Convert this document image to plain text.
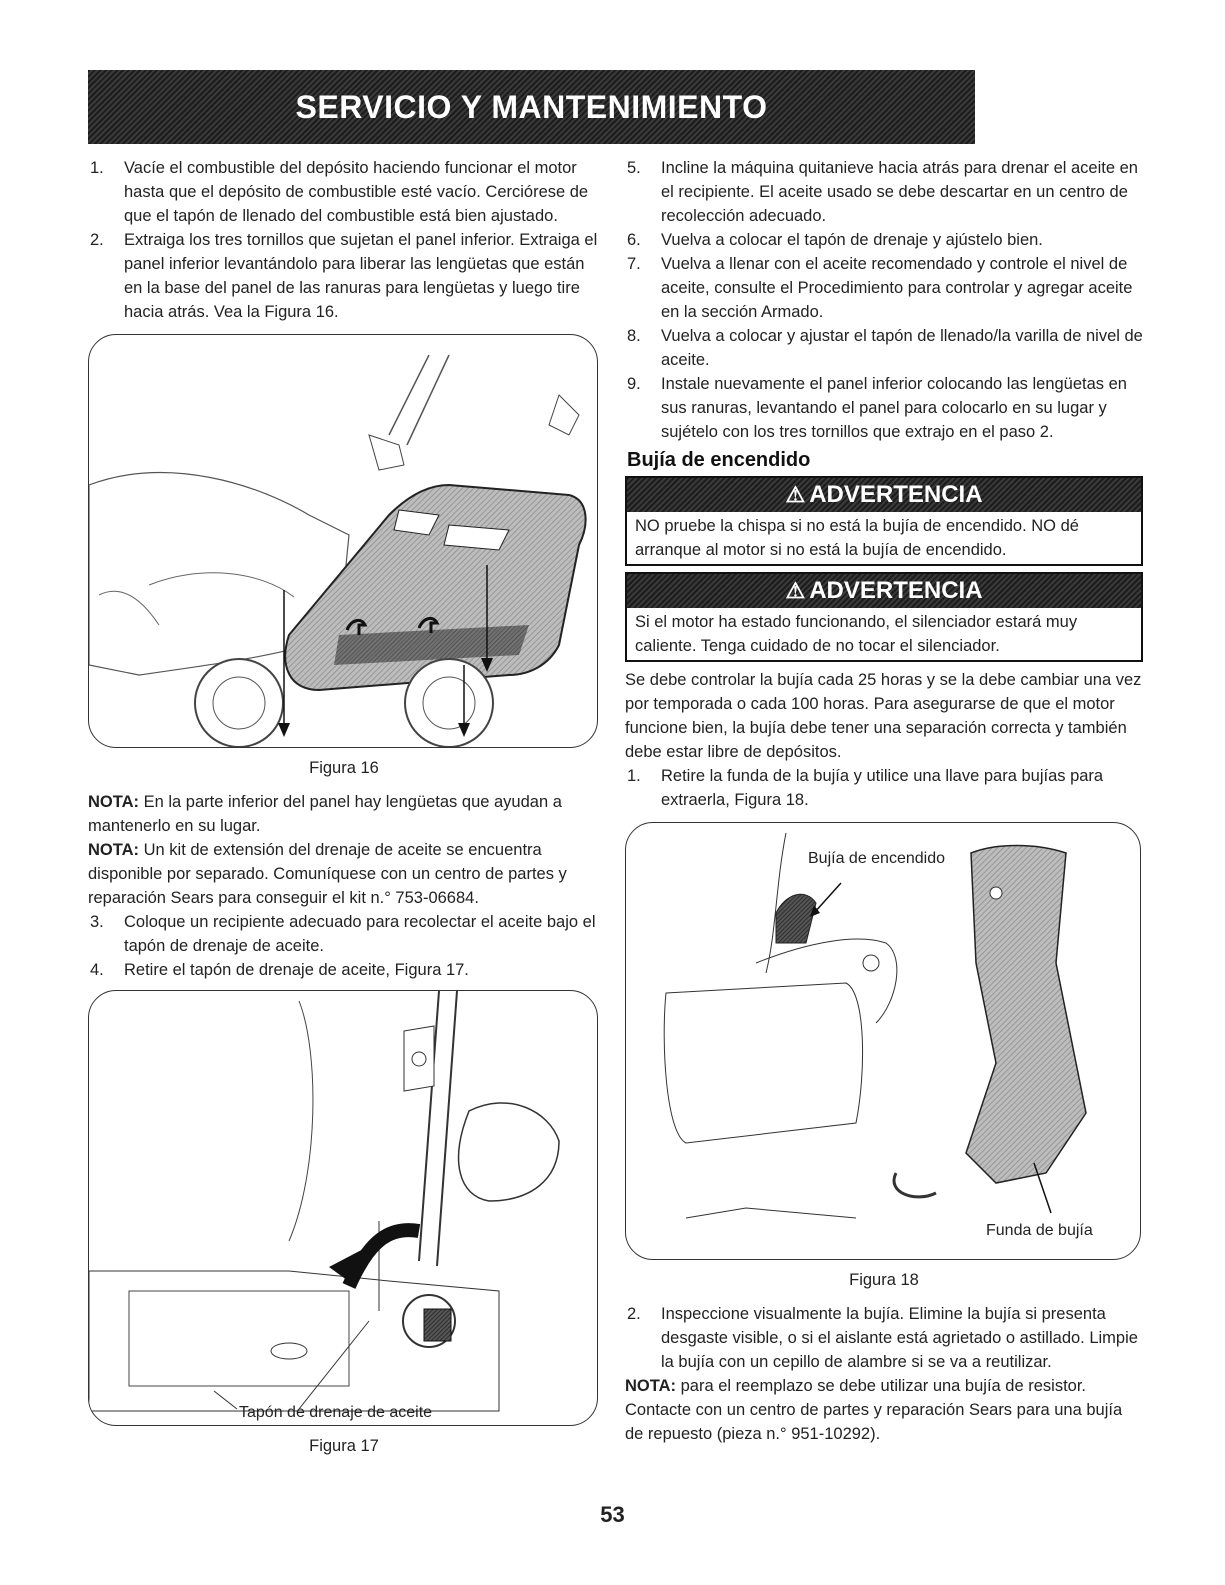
SERVICIO Y MANTENIMIENTO
1.	Vacíe el combustible del depósito haciendo funcionar el motor hasta que el depósito de combustible esté vacío. Cerciórese de que el tapón de llenado del combustible está bien ajustado.
2.	Extraiga los tres tornillos que sujetan el panel inferior. Extraiga el panel inferior levantándolo para liberar las lengüetas que están en la base del panel de las ranuras para lengüetas y luego tire hacia atrás. Vea la Figura 16.
Figura 16

NOTA: En la parte inferior del panel hay lengüetas que ayudan a mantenerlo en su lugar.

NOTA: Un kit de extensión del drenaje de aceite se encuentra disponible por separado. Comuníquese con un centro de partes y reparación Sears para conseguir el kit n.° 753-06684.

3.	Coloque un recipiente adecuado para recolectar el aceite bajo el tapón de drenaje de aceite.
4.	Retire el tapón de drenaje de aceite, Figura 17.
Tapón de drenaje de aceite
Figura 17
5.	Incline la máquina quitanieve hacia atrás para drenar el aceite en el recipiente. El aceite usado se debe descartar en un centro de recolección adecuado.
6.	Vuelva a colocar el tapón de drenaje y ajústelo bien.
7.	Vuelva a llenar con el aceite recomendado y controle el nivel de aceite, consulte el Procedimiento para controlar y agregar aceite en la sección Armado.
8.	Vuelva a colocar y ajustar el tapón de llenado/la varilla de nivel de aceite.
9.	Instale nuevamente el panel inferior colocando las lengüetas en sus ranuras, levantando el panel para colocarlo en su lugar y sujételo con los tres tornillos que extrajo en el paso 2.
Bujía de encendido
⚠ ADVERTENCIA
NO pruebe la chispa si no está la bujía de encendido. NO dé arranque al motor si no está la bujía de encendido.
⚠ ADVERTENCIA
Si el motor ha estado funcionando, el silenciador estará muy caliente. Tenga cuidado de no tocar el silenciador.

Se debe controlar la bujía cada 25 horas y se la debe cambiar una vez por temporada o cada 100 horas. Para asegurarse de que el motor funcione bien, la bujía debe tener una separación correcta y también debe estar libre de depósitos.

1.	Retire la funda de la bujía y utilice una llave para bujías para extraerla, Figura 18.
Bujía de encendido
Funda de bujía
Figura 18
2.	Inspeccione visualmente la bujía. Elimine la bujía si presenta desgaste visible, o si el aislante está agrietado o astillado. Limpie la bujía con un cepillo de alambre si se va a reutilizar.

NOTA: para el reemplazo se debe utilizar una bujía de resistor. Contacte con un centro de partes y reparación Sears para una bujía de repuesto (pieza n.° 951-10292).

53
